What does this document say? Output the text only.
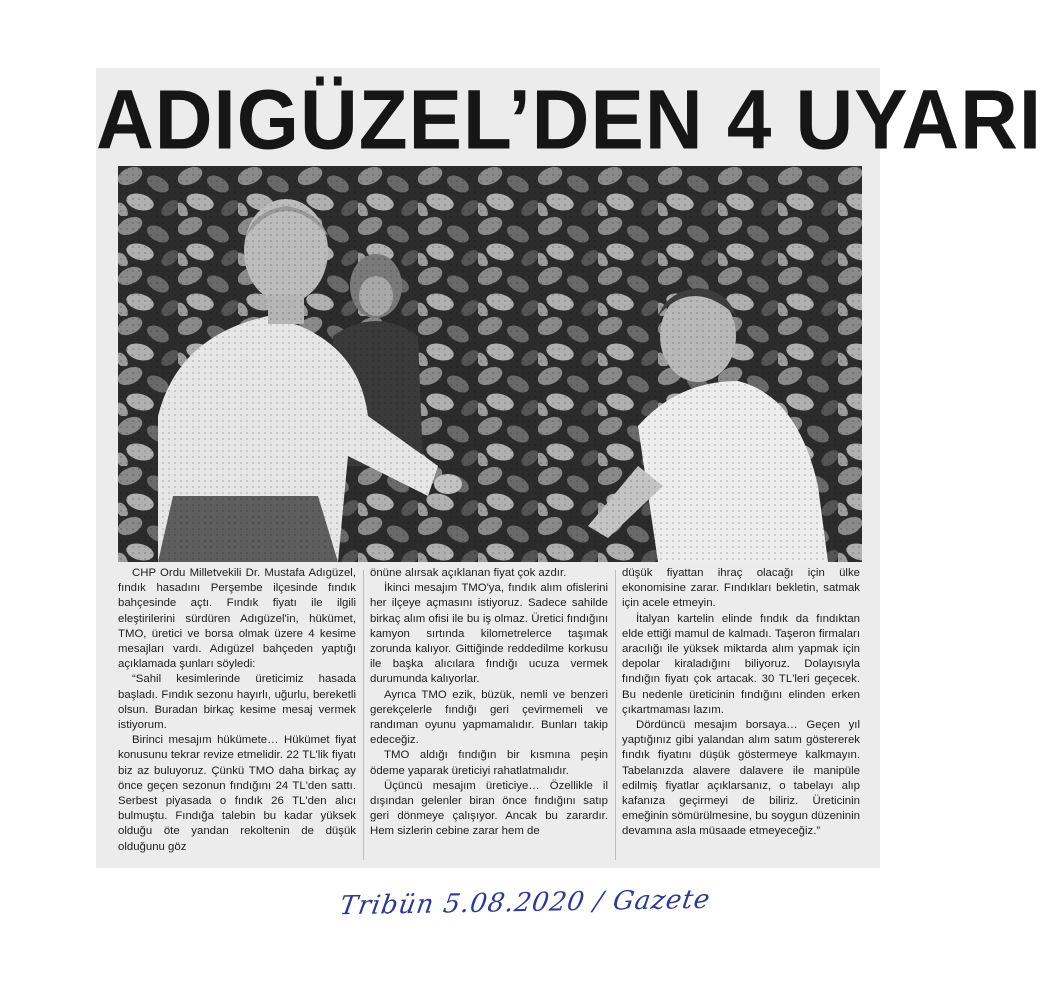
ADIGÜZEL’DEN 4 UYARI

CHP Ordu Milletvekili Dr. Mustafa Adıgüzel, fındık hasadını Perşembe ilçesinde fındık bahçesinde açtı. Fındık fiyatı ile ilgili eleştirilerini sürdüren Adıgüzel'in, hükümet, TMO, üretici ve borsa olmak üzere 4 kesime mesajları vardı. Adıgüzel bahçeden yaptığı açıklamada şunları söyledi:

“Sahil kesimlerinde üreticimiz hasada başladı. Fındık sezonu hayırlı, uğurlu, bereketli olsun. Buradan birkaç kesime mesaj vermek istiyorum.

Birinci mesajım hükümete… Hükümet fiyat konusunu tekrar revize etmelidir. 22 TL'lik fiyatı biz az buluyoruz. Çünkü TMO daha birkaç ay önce geçen sezonun fındığını 24 TL'den sattı. Serbest piyasada o fındık 26 TL'den alıcı bulmuştu. Fındığa talebin bu kadar yüksek olduğu öte yandan rekoltenin de düşük olduğunu göz

önüne alırsak açıklanan fiyat çok azdır.

İkinci mesajım TMO'ya, fındık alım ofislerini her ilçeye açmasını istiyoruz. Sadece sahilde birkaç alım ofisi ile bu iş olmaz. Üretici fındığını kamyon sırtında kilometrelerce taşımak zorunda kalıyor. Gittiğinde reddedilme korkusu ile başka alıcılara fındığı ucuza vermek durumunda kalıyorlar.

Ayrıca TMO ezik, büzük, nemli ve benzeri gerekçelerle fındığı geri çevirmemeli ve randıman oyunu yapmamalıdır. Bunları takip edeceğiz.

TMO aldığı fındığın bir kısmına peşin ödeme yaparak üreticiyi rahatlatmalıdır.

Üçüncü mesajım üreticiye… Özellikle il dışından gelenler biran önce fındığını satıp geri dönmeye çalışıyor. Ancak bu zarardır. Hem sizlerin cebine zarar hem de

düşük fiyattan ihraç olacağı için ülke ekonomisine zarar. Fındıkları bekletin, satmak için acele etmeyin.

İtalyan kartelin elinde fındık da fındıktan elde ettiği mamul de kalmadı. Taşeron firmaları aracılığı ile yüksek miktarda alım yapmak için depolar kiraladığını biliyoruz. Dolayısıyla fındığın fiyatı çok artacak. 30 TL'leri geçecek. Bu nedenle üreticinin fındığını elinden erken çıkartmaması lazım.

Dördüncü mesajım borsaya… Geçen yıl yaptığınız gibi yalandan alım satım göstererek fındık fiyatını düşük göstermeye kalkmayın. Tabelanızda alavere dalavere ile manipüle edilmiş fiyatlar açıklarsanız, o tabelayı alıp kafanıza geçirmeyi de biliriz. Üreticinin emeğinin sömürülmesine, bu soygun düzeninin devamına asla müsaade etmeyeceğiz.”

Tribün 5.08.2020 / Gazete
